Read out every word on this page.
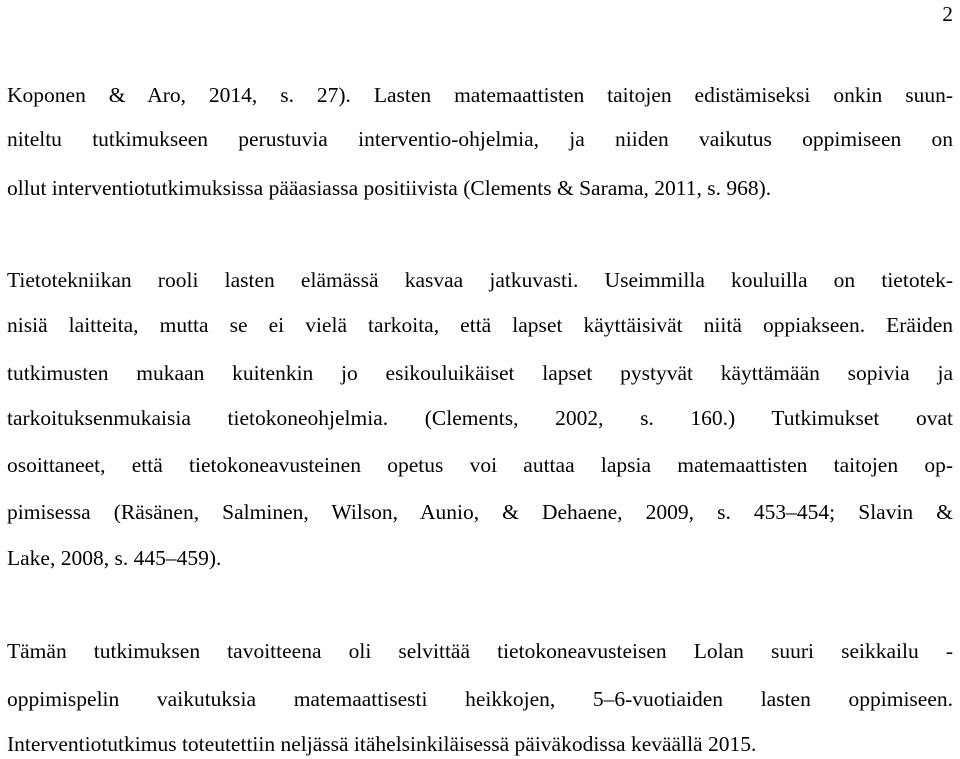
2
Koponen & Aro, 2014, s. 27). Lasten matemaattisten taitojen edistämiseksi onkin suun-
niteltu tutkimukseen perustuvia interventio-ohjelmia, ja niiden vaikutus oppimiseen on
ollut interventiotutkimuksissa pääasiassa positiivista (Clements & Sarama, 2011, s. 968).
Tietotekniikan rooli lasten elämässä kasvaa jatkuvasti. Useimmilla kouluilla on tietotek-
nisiä laitteita, mutta se ei vielä tarkoita, että lapset käyttäisivät niitä oppiakseen. Eräiden
tutkimusten mukaan kuitenkin jo esikouluikäiset lapset pystyvät käyttämään sopivia ja
tarkoituksenmukaisia tietokoneohjelmia. (Clements, 2002, s. 160.) Tutkimukset ovat
osoittaneet, että tietokoneavusteinen opetus voi auttaa lapsia matemaattisten taitojen op-
pimisessa (Räsänen, Salminen, Wilson, Aunio, & Dehaene, 2009, s. 453–454; Slavin &
Lake, 2008, s. 445–459).
Tämän tutkimuksen tavoitteena oli selvittää tietokoneavusteisen Lolan suuri seikkailu -
oppimispelin vaikutuksia matemaattisesti heikkojen, 5–6-vuotiaiden lasten oppimiseen.
Interventiotutkimus toteutettiin neljässä itähelsinkiläisessä päiväkodissa keväällä 2015.
